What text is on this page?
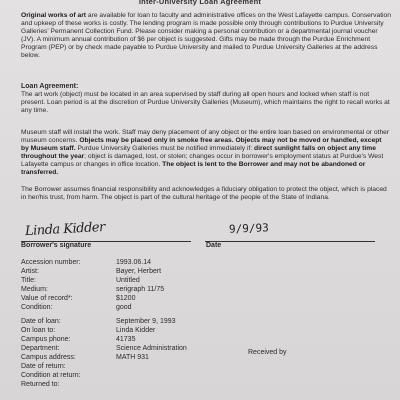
Inter-University Loan Agreement

Original works of art are available for loan to faculty and administrative offices on the West Lafayette campus. Conservation and upkeep of these works is costly. The lending program is made possible only through contributions to Purdue University Galleries' Permanent Collection Fund. Please consider making a personal contribution or a departmental journal voucher (JV). A minimum annual contribution of $6 per object is suggested. Gifts may be made through the Purdue Enrichment Program (PEP) or by check made payable to Purdue University and mailed to Purdue University Galleries at the address below.

Loan Agreement:
The art work (object) must be located in an area supervised by staff during all open hours and locked when staff is not present. Loan period is at the discretion of Purdue University Galleries (Museum), which maintains the right to recall works at any time.

Museum staff will install the work. Staff may deny placement of any object or the entire loan based on environmental or other museum concerns. Objects may be placed only in smoke free areas. Objects may not be moved or handled, except by Museum staff. Purdue University Galleries must be notified immediately if: direct sunlight falls on object any time throughout the year; object is damaged, lost, or stolen; changes occur in borrower's employment status at Purdue's West Lafayette campus or changes in office location. The object is lent to the Borrower and may not be abandoned or transferred.

The Borrower assumes financial responsibility and acknowledges a fiduciary obligation to protect the object, which is placed in her/his trust, from harm. The object is part of the cultural heritage of the people of the State of Indiana.

Linda Kidder	9/9/93
Borrower's signature	Date
Accession number:	1993.06.14
Artist:	Bayer, Herbert
Title:	Untitled
Medium:	serigraph 11/75
Value of record*:	$1200
Condition:	good
Date of loan:	September 9, 1993
On loan to:	Linda Kidder
Campus phone:	41735
Department:	Science Administration
Campus address:	MATH 931
Date of return:
Condition at return:
Returned to:
Received by
